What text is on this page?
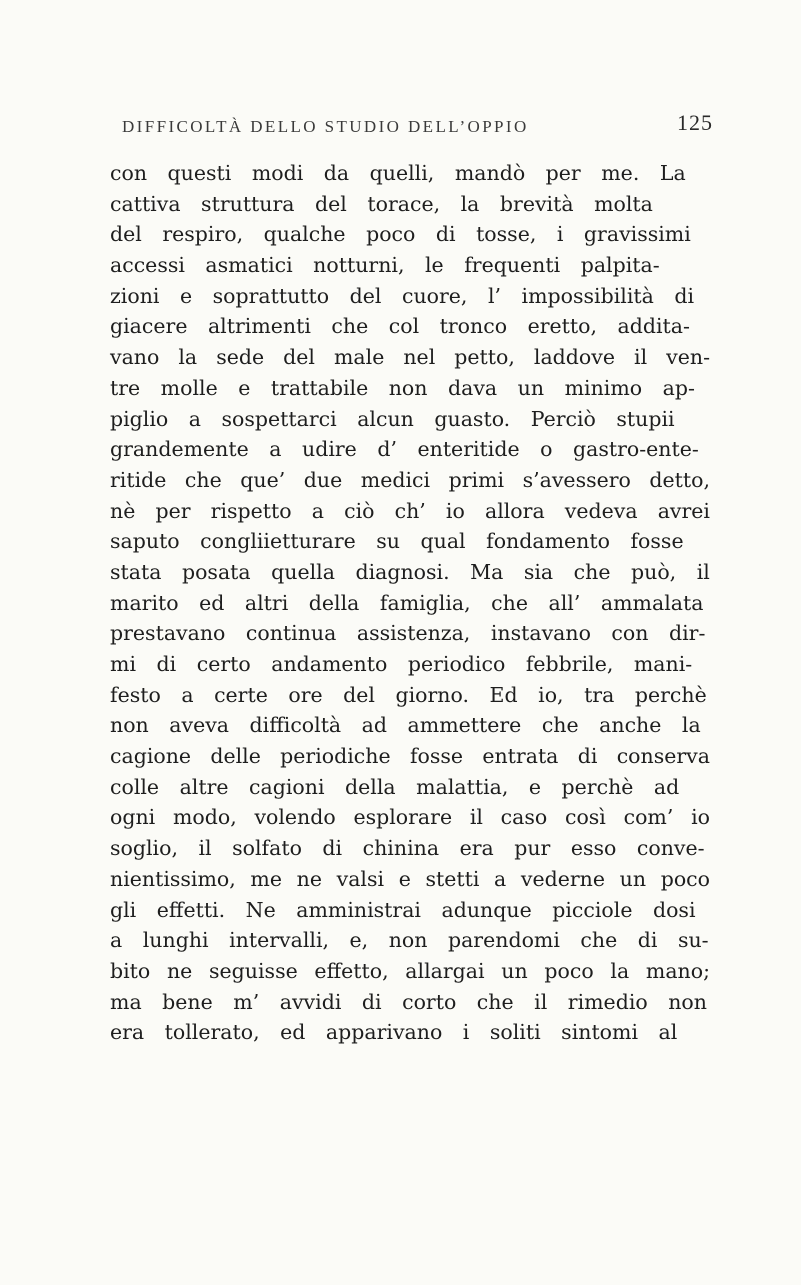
DIFFICOLTÀ DELLO STUDIO DELL’OPPIO	125
con questi modi da quelli, mandò per me. La
cattiva struttura del torace, la brevità molta
del respiro, qualche poco di tosse, i gravissimi
accessi asmatici notturni, le frequenti palpita-
zioni e soprattutto del cuore, l’ impossibilità di
giacere altrimenti che col tronco eretto, addita-
vano la sede del male nel petto, laddove il ven-
tre molle e trattabile non dava un minimo ap-
piglio a sospettarci alcun guasto. Perciò stupii
grandemente a udire d’ enteritide o gastro-ente-
ritide che que’ due medici primi s’avessero detto,
nè per rispetto a ciò ch’ io allora vedeva avrei
saputo congliietturare su qual fondamento fosse
stata posata quella diagnosi. Ma sia che può, il
marito ed altri della famiglia, che all’ ammalata
prestavano continua assistenza, instavano con dir-
mi di certo andamento periodico febbrile, mani-
festo a certe ore del giorno. Ed io, tra perchè
non aveva difficoltà ad ammettere che anche la
cagione delle periodiche fosse entrata di conserva
colle altre cagioni della malattia, e perchè ad
ogni modo, volendo esplorare il caso così com’ io
soglio, il solfato di chinina era pur esso conve-
nientissimo, me ne valsi e stetti a vederne un poco
gli effetti. Ne amministrai adunque picciole dosi
a lunghi intervalli, e, non parendomi che di su-
bito ne seguisse effetto, allargai un poco la mano;
ma bene m’ avvidi di corto che il rimedio non
era tollerato, ed apparivano i soliti sintomi al
